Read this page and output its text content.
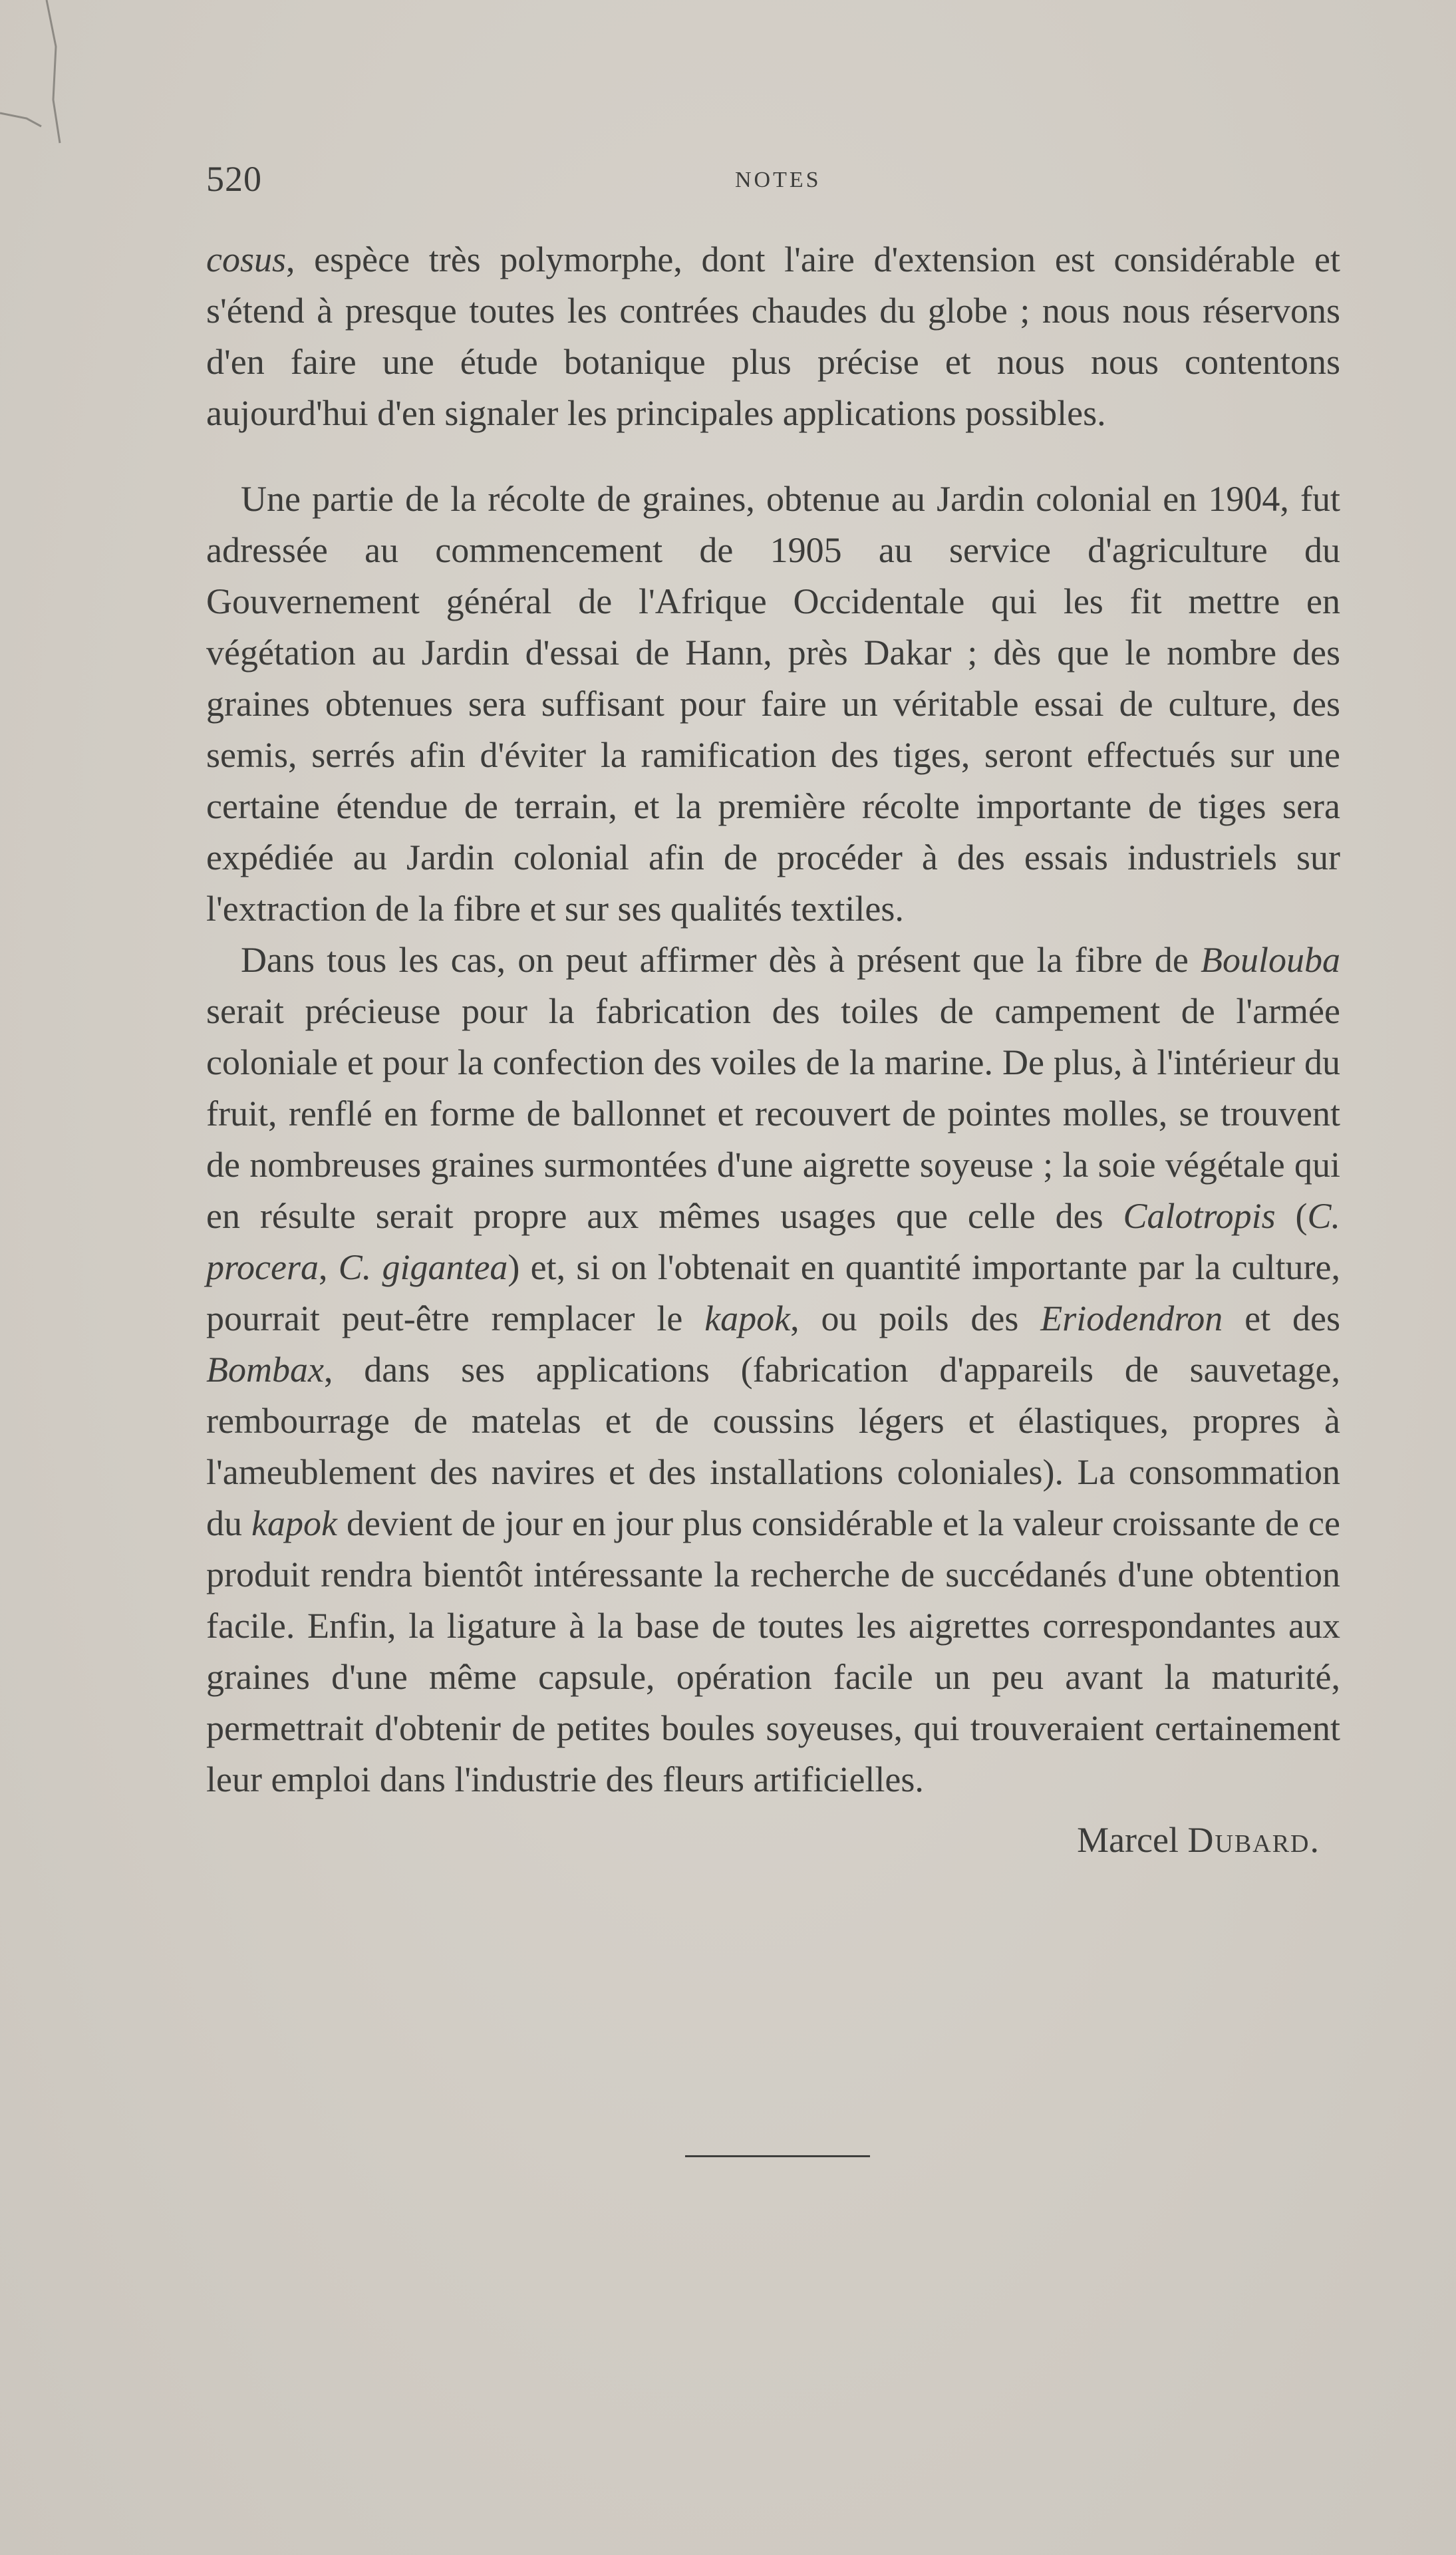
520	NOTES

cosus, espèce très polymorphe, dont l'aire d'extension est considérable et s'étend à presque toutes les contrées chaudes du globe ; nous nous réservons d'en faire une étude botanique plus précise et nous nous contentons aujourd'hui d'en signaler les principales applications possibles.

Une partie de la récolte de graines, obtenue au Jardin colonial en 1904, fut adressée au commencement de 1905 au service d'agriculture du Gouvernement général de l'Afrique Occidentale qui les fit mettre en végétation au Jardin d'essai de Hann, près Dakar ; dès que le nombre des graines obtenues sera suffisant pour faire un véritable essai de culture, des semis, serrés afin d'éviter la ramification des tiges, seront effectués sur une certaine étendue de terrain, et la première récolte importante de tiges sera expédiée au Jardin colonial afin de procéder à des essais industriels sur l'extraction de la fibre et sur ses qualités textiles.

Dans tous les cas, on peut affirmer dès à présent que la fibre de Boulouba serait précieuse pour la fabrication des toiles de campement de l'armée coloniale et pour la confection des voiles de la marine. De plus, à l'intérieur du fruit, renflé en forme de ballonnet et recouvert de pointes molles, se trouvent de nombreuses graines surmontées d'une aigrette soyeuse ; la soie végétale qui en résulte serait propre aux mêmes usages que celle des Calotropis (C. procera, C. gigantea) et, si on l'obtenait en quantité importante par la culture, pourrait peut-être remplacer le kapok, ou poils des Eriodendron et des Bombax, dans ses applications (fabrication d'appareils de sauvetage, rembourrage de matelas et de coussins légers et élastiques, propres à l'ameublement des navires et des installations coloniales). La consommation du kapok devient de jour en jour plus considérable et la valeur croissante de ce produit rendra bientôt intéressante la recherche de succédanés d'une obtention facile. Enfin, la ligature à la base de toutes les aigrettes correspondantes aux graines d'une même capsule, opération facile un peu avant la maturité, permettrait d'obtenir de petites boules soyeuses, qui trouveraient certainement leur emploi dans l'industrie des fleurs artificielles.

Marcel Dubard.
